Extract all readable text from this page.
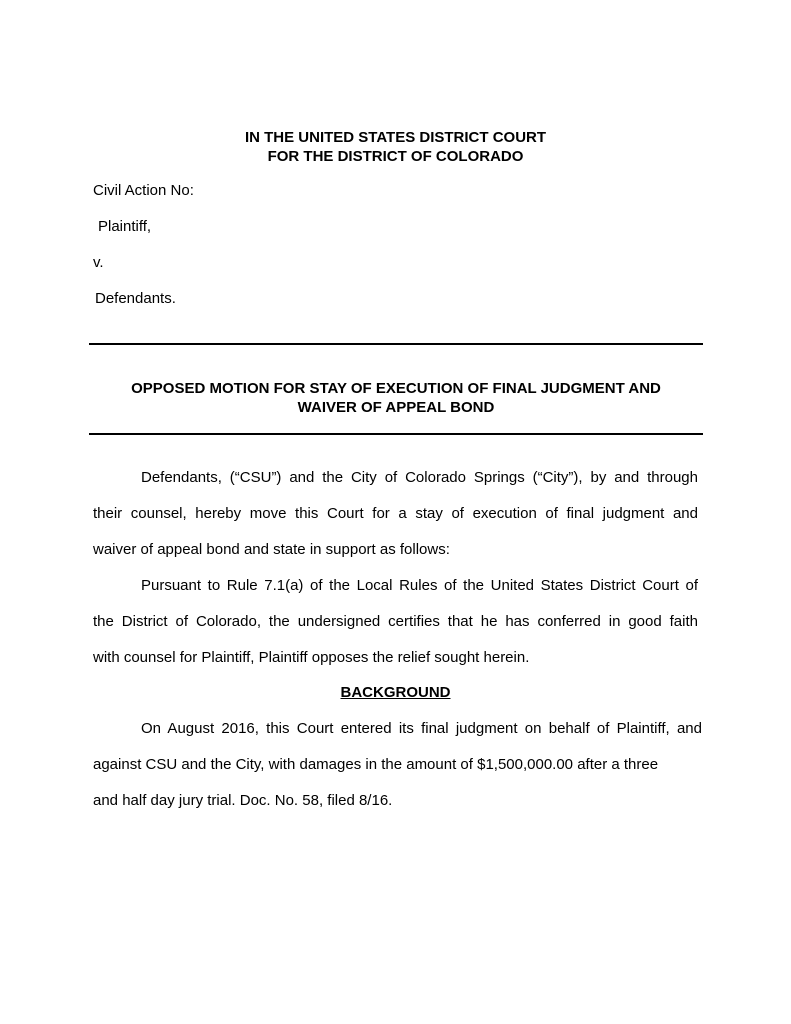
IN THE UNITED STATES DISTRICT COURT
FOR THE DISTRICT OF COLORADO
Civil Action No:
Plaintiff,
v.
Defendants.
OPPOSED MOTION FOR STAY OF EXECUTION OF FINAL JUDGMENT AND
WAIVER OF APPEAL BOND
Defendants, (“CSU”) and the City of Colorado Springs (“City”), by and through
their counsel, hereby move this Court for a stay of execution of final judgment and
waiver of appeal bond and state in support as follows:
Pursuant to Rule 7.1(a) of the Local Rules of the United States District Court of
the District of Colorado, the undersigned certifies that he has conferred in good faith
with counsel for Plaintiff, Plaintiff opposes the relief sought herein.
BACKGROUND
On August 2016, this Court entered its final judgment on behalf of Plaintiff, and
against CSU and the City, with damages in the amount of $1,500,000.00 after a three
and half day jury trial. Doc. No. 58, filed 8/16.
